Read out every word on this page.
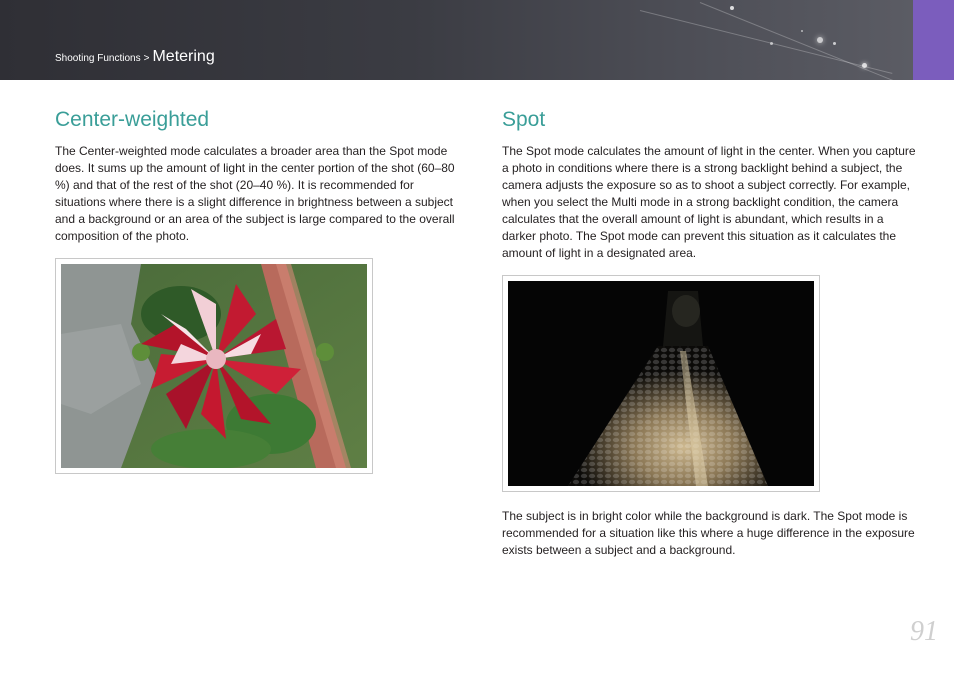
Shooting Functions > Metering
Center-weighted

The Center-weighted mode calculates a broader area than the Spot mode does. It sums up the amount of light in the center portion of the shot (60–80 %) and that of the rest of the shot (20–40 %). It is recommended for situations where there is a slight difference in brightness between a subject and a background or an area of the subject is large compared to the overall composition of the photo.

Spot

The Spot mode calculates the amount of light in the center. When you capture a photo in conditions where there is a strong backlight behind a subject, the camera adjusts the exposure so as to shoot a subject correctly. For example, when you select the Multi mode in a strong backlight condition, the camera calculates that the overall amount of light is abundant, which results in a darker photo. The Spot mode can prevent this situation as it calculates the amount of light in a designated area.

The subject is in bright color while the background is dark. The Spot mode is recommended for a situation like this where a huge difference in the exposure exists between a subject and a background.

91
